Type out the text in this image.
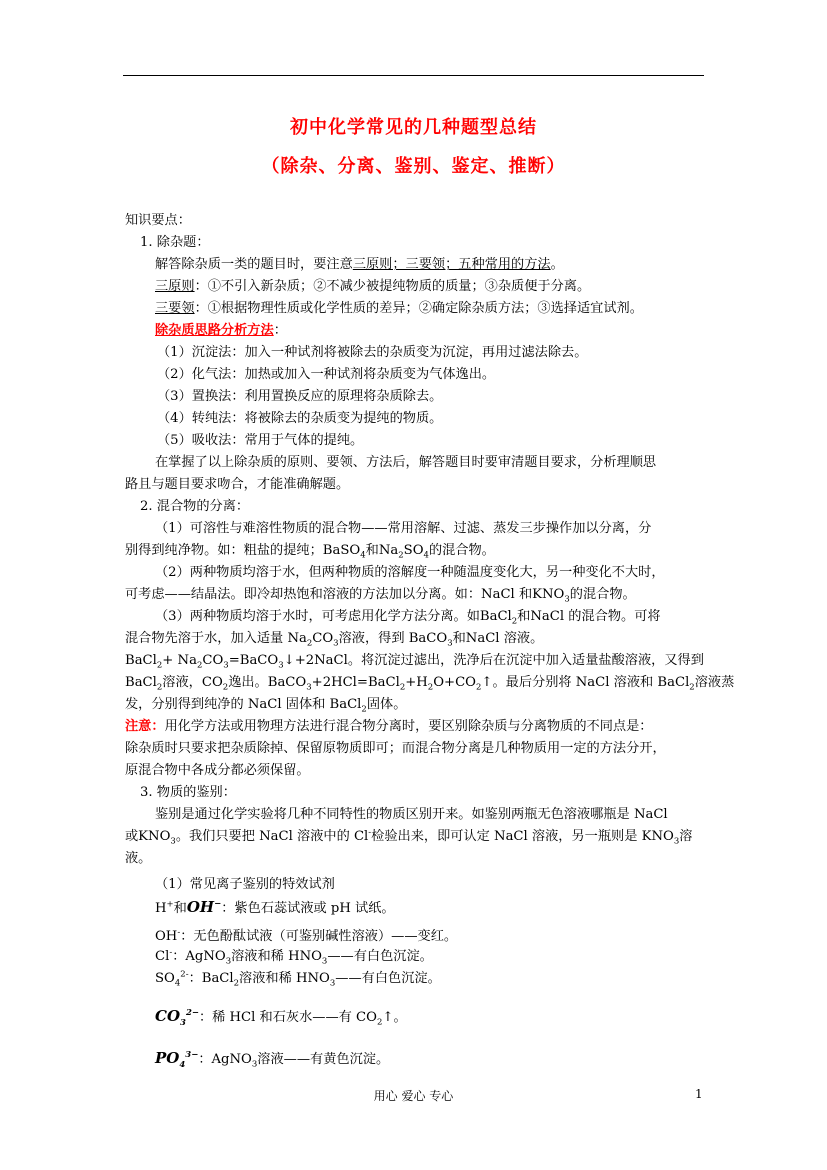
初中化学常见的几种题型总结
（除杂、分离、鉴别、鉴定、推断）
知识要点：
1. 除杂题：
解答除杂质一类的题目时，要注意三原则；三要领；五种常用的方法。
三原则：①不引入新杂质；②不减少被提纯物质的质量；③杂质便于分离。
三要领：①根据物理性质或化学性质的差异；②确定除杂质方法；③选择适宜试剂。
除杂质思路分析方法：
（1）沉淀法：加入一种试剂将被除去的杂质变为沉淀，再用过滤法除去。
（2）化气法：加热或加入一种试剂将杂质变为气体逸出。
（3）置换法：利用置换反应的原理将杂质除去。
（4）转纯法：将被除去的杂质变为提纯的物质。
（5）吸收法：常用于气体的提纯。
在掌握了以上除杂质的原则、要领、方法后，解答题目时要审清题目要求，分析理顺思
路且与题目要求吻合，才能准确解题。
2. 混合物的分离：
（1）可溶性与难溶性物质的混合物——常用溶解、过滤、蒸发三步操作加以分离，分
别得到纯净物。如：粗盐的提纯；BaSO$_4$和$Na_2SO_4$的混合物。
（2）两种物质均溶于水，但两种物质的溶解度一种随温度变化大，另一种变化不大时，
可考虑——结晶法。即冷却热饱和溶液的方法加以分离。如：NaCl 和$KNO_3$的混合物。
（3）两种物质均溶于水时，可考虑用化学方法分离。如BaCl$_2$和NaCl 的混合物。可将
混合物先溶于水，加入适量 $Na_2CO_3$溶液，得到 BaCO$_3$和NaCl 溶液。
BaCl$_2$+ $Na_2CO_3=BaCO_3↓+2NaCl$。将沉淀过滤出，洗净后在沉淀中加入适量盐酸溶液，又得到
BaCl$_2$溶液，$CO_2$逸出。$BaCO_3+2HCl=BaCl_2+H_2O+CO_2↑$。最后分别将 NaCl 溶液和 BaCl$_2$溶液蒸
发，分别得到纯净的 NaCl 固体和 BaCl$_2$固体。
注意：用化学方法或用物理方法进行混合物分离时，要区别除杂质与分离物质的不同点是：
除杂质时只要求把杂质除掉、保留原物质即可；而混合物分离是几种物质用一定的方法分开，
原混合物中各成分都必须保留。
3. 物质的鉴别：
鉴别是通过化学实验将几种不同特性的物质区别开来。如鉴别两瓶无色溶液哪瓶是 NaCl
或$KNO_3$。我们只要把 NaCl 溶液中的 Cl-检验出来，即可认定 NaCl 溶液，另一瓶则是 $KNO_3$溶
液。
（1）常见离子鉴别的特效试剂
H+和OH−：紫色石蕊试液或 pH 试纸。
OH-：无色酚酞试液（可鉴别碱性溶液）——变红。
Cl-：AgNO$_3$溶液和稀 $HNO_3——$有白色沉淀。
$SO_4^{2-}$：BaCl$_2$溶液和稀 $HNO_3——$有白色沉淀。
$CO_3^{2-}$：稀 HCl 和石灰水——有 $CO_2↑$。
$PO_4^{3-}$：AgNO$_3$溶液——有黄色沉淀。
用心 爱心 专心	1
